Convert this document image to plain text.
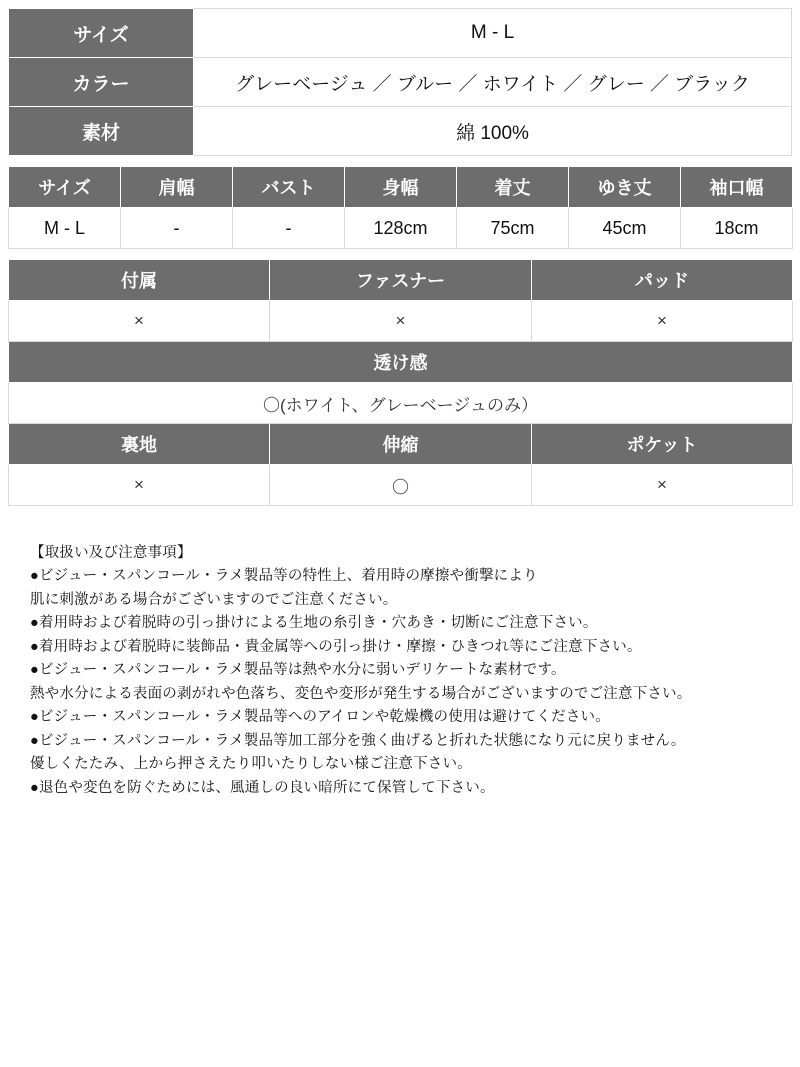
サイズ	M - L
カラー	グレーベージュ ／ ブルー ／ ホワイト ／ グレー ／ ブラック
素材	綿 100%
サイズ	肩幅	バスト	身幅	着丈	ゆき丈	袖口幅
M - L	-	-	128cm	75cm	45cm	18cm
付属	ファスナー	パッド
×	×	×
透け感		
〇(ホワイト、グレーベージュのみ）		
裏地	伸縮	ポケット
×	〇	×
【取扱い及び注意事項】
●ビジュー・スパンコール・ラメ製品等の特性上、着用時の摩擦や衝撃により
肌に刺激がある場合がございますのでご注意ください。
●着用時および着脱時の引っ掛けによる生地の糸引き・穴あき・切断にご注意下さい。
●着用時および着脱時に装飾品・貴金属等への引っ掛け・摩擦・ひきつれ等にご注意下さい。
●ビジュー・スパンコール・ラメ製品等は熱や水分に弱いデリケートな素材です。
熱や水分による表面の剥がれや色落ち、変色や変形が発生する場合がございますのでご注意下さい。
●ビジュー・スパンコール・ラメ製品等へのアイロンや乾燥機の使用は避けてください。
●ビジュー・スパンコール・ラメ製品等加工部分を強く曲げると折れた状態になり元に戻りません。
優しくたたみ、上から押さえたり叩いたりしない様ご注意下さい。
●退色や変色を防ぐためには、風通しの良い暗所にて保管して下さい。
